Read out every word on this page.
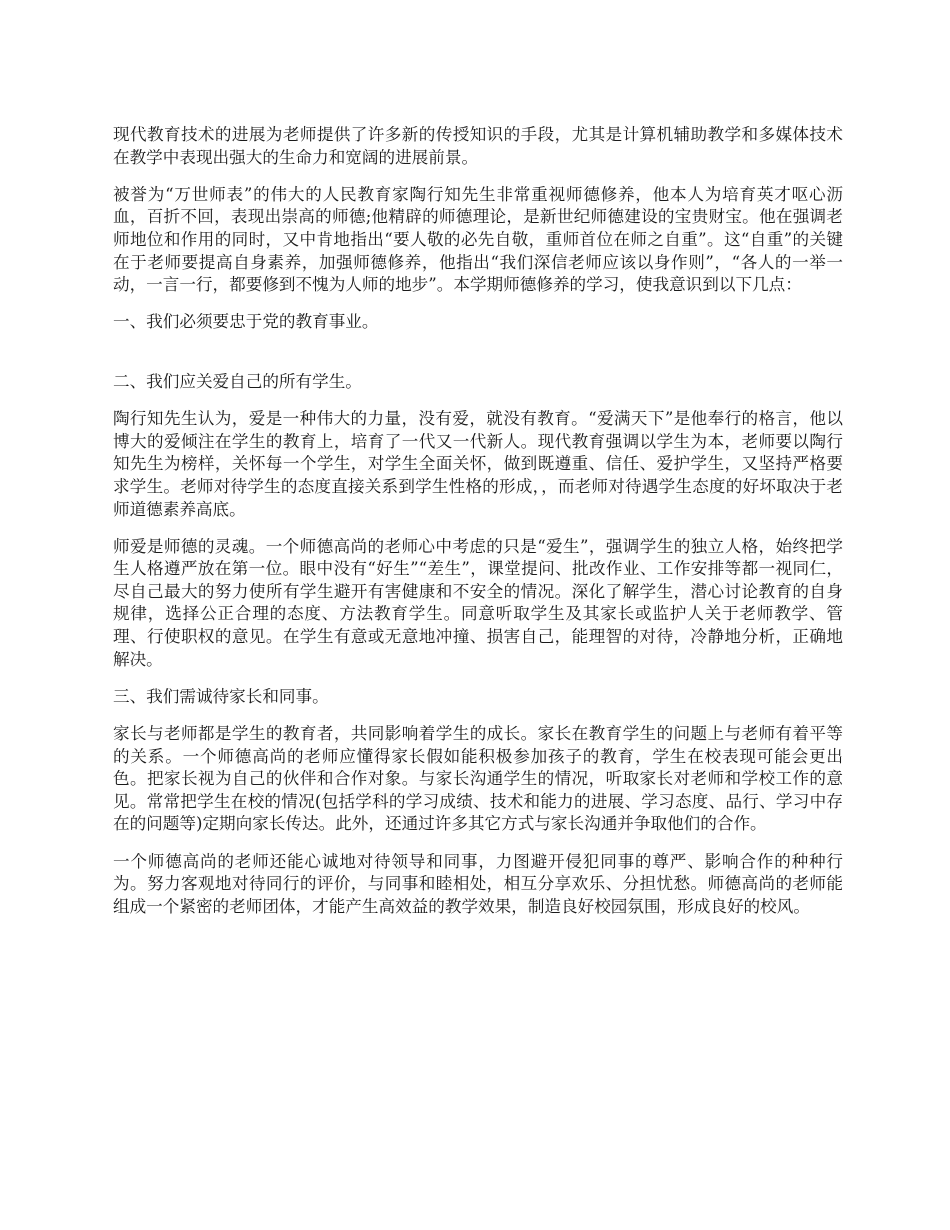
现代教育技术的进展为老师提供了许多新的传授知识的手段，尤其是计算机辅助教学和多媒体技术在教学中表现出强大的生命力和宽阔的进展前景。

被誉为“万世师表”的伟大的人民教育家陶行知先生非常重视师德修养，他本人为培育英才呕心沥血，百折不回，表现出崇高的师德;他精辟的师德理论，是新世纪师德建设的宝贵财宝。他在强调老师地位和作用的同时，又中肯地指出“要人敬的必先自敬，重师首位在师之自重”。这“自重”的关键在于老师要提高自身素养，加强师德修养，他指出“我们深信老师应该以身作则”，“各人的一举一动，一言一行，都要修到不愧为人师的地步”。本学期师德修养的学习，使我意识到以下几点：

一、我们必须要忠于党的教育事业。

二、我们应关爱自己的所有学生。

陶行知先生认为，爱是一种伟大的力量，没有爱，就没有教育。“爱满天下”是他奉行的格言，他以博大的爱倾注在学生的教育上，培育了一代又一代新人。现代教育强调以学生为本，老师要以陶行知先生为榜样，关怀每一个学生，对学生全面关怀，做到既遵重、信任、爱护学生，又坚持严格要求学生。老师对待学生的态度直接关系到学生性格的形成，，而老师对待遇学生态度的好坏取决于老师道德素养高底。

师爱是师德的灵魂。一个师德高尚的老师心中考虑的只是“爱生”，强调学生的独立人格，始终把学生人格遵严放在第一位。眼中没有“好生”“差生”，课堂提问、批改作业、工作安排等都一视同仁，尽自己最大的努力使所有学生避开有害健康和不安全的情况。深化了解学生，潜心讨论教育的自身规律，选择公正合理的态度、方法教育学生。同意听取学生及其家长或监护人关于老师教学、管理、行使职权的意见。在学生有意或无意地冲撞、损害自己，能理智的对待，冷静地分析，正确地解决。

三、我们需诚待家长和同事。

家长与老师都是学生的教育者，共同影响着学生的成长。家长在教育学生的问题上与老师有着平等的关系。一个师德高尚的老师应懂得家长假如能积极参加孩子的教育，学生在校表现可能会更出色。把家长视为自己的伙伴和合作对象。与家长沟通学生的情况，听取家长对老师和学校工作的意见。常常把学生在校的情况(包括学科的学习成绩、技术和能力的进展、学习态度、品行、学习中存在的问题等)定期向家长传达。此外，还通过许多其它方式与家长沟通并争取他们的合作。

一个师德高尚的老师还能心诚地对待领导和同事，力图避开侵犯同事的尊严、影响合作的种种行为。努力客观地对待同行的评价，与同事和睦相处，相互分享欢乐、分担忧愁。师德高尚的老师能组成一个紧密的老师团体，才能产生高效益的教学效果，制造良好校园氛围，形成良好的校风。
